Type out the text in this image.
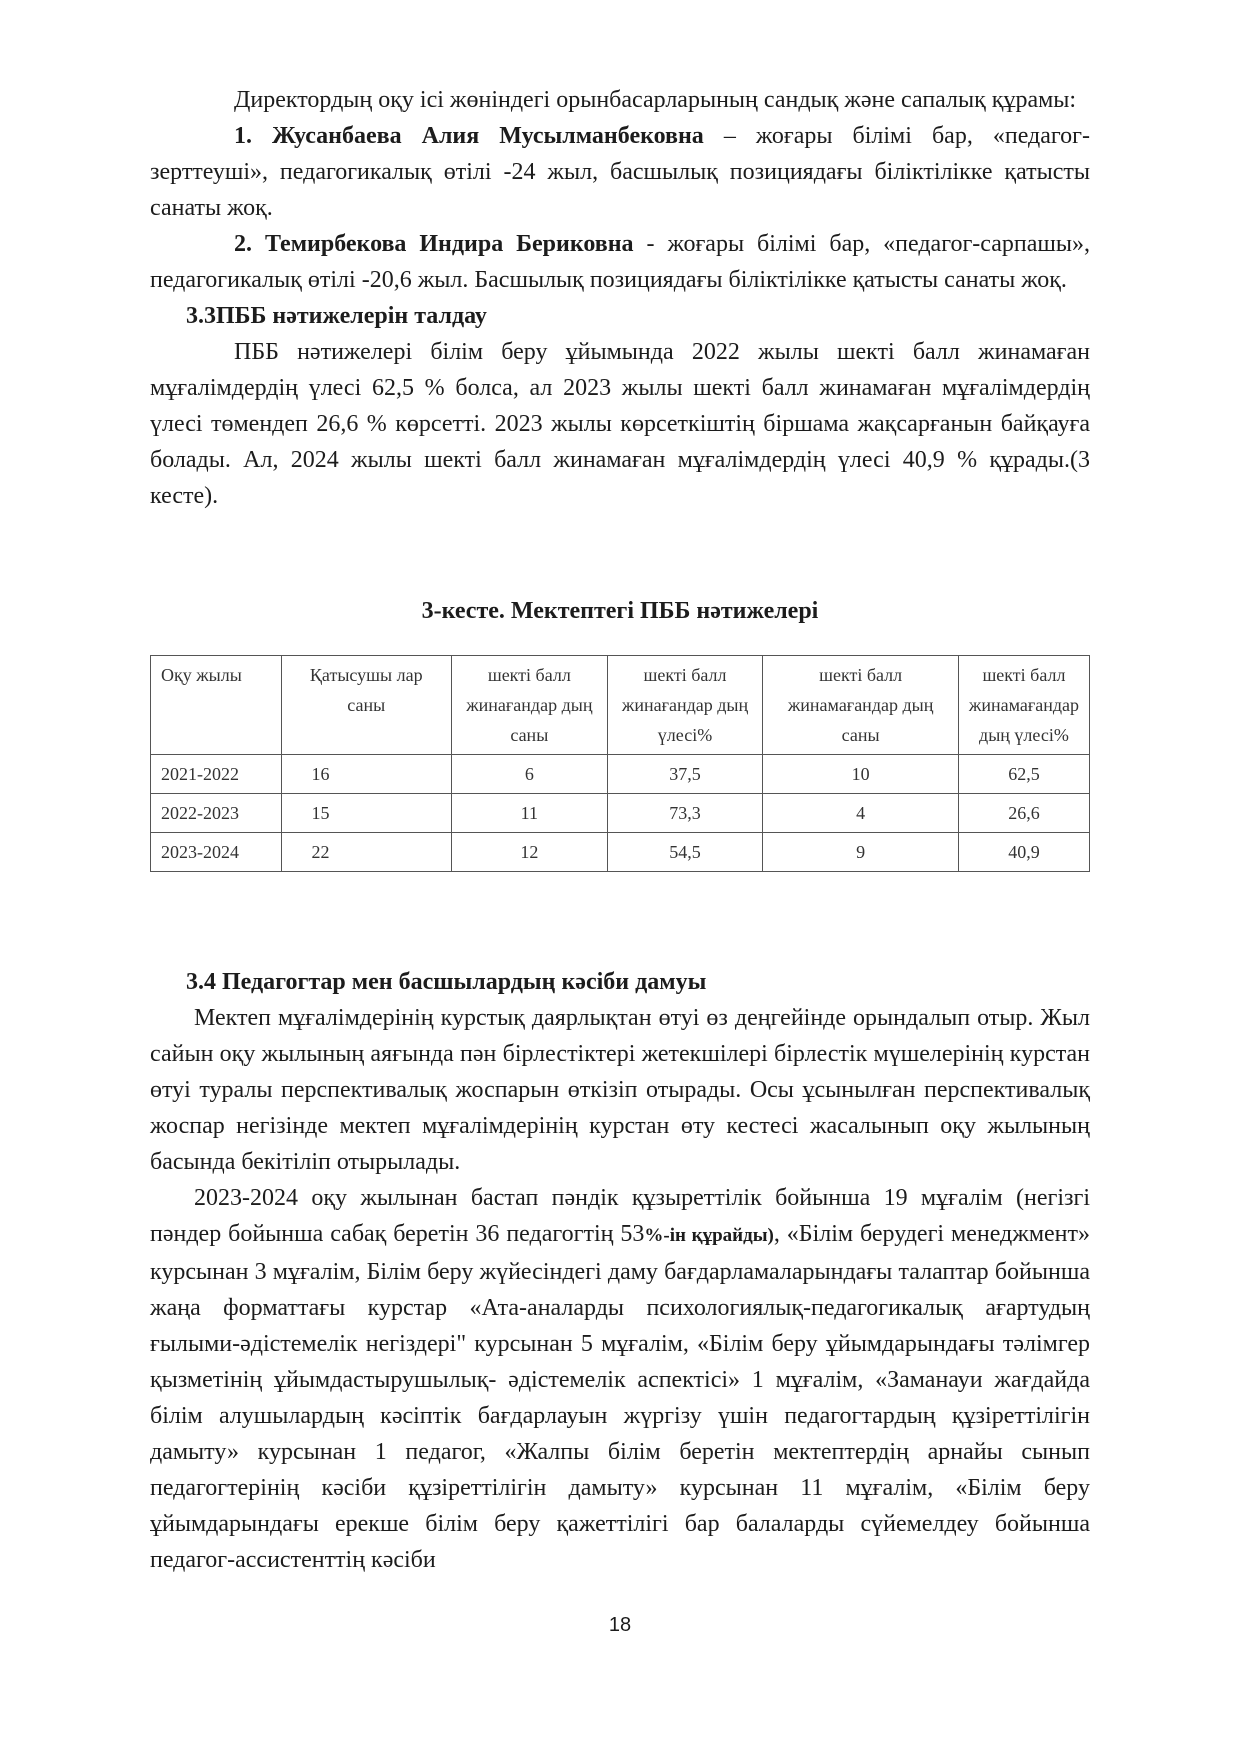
Директордың оқу ісі жөніндегі орынбасарларының сандық және сапалық құрамы:

1. Жусанбаева Алия Мусылманбековна – жоғары білімі бар, «педагог-зерттеуші», педагогикалық өтілі -24 жыл, басшылық позициядағы біліктілікке қатысты санаты жоқ.

2. Темирбекова Индира Бериковна - жоғары білімі бар, «педагог-сарпашы», педагогикалық өтілі -20,6 жыл. Басшылық позициядағы біліктілікке қатысты санаты жоқ.

3.3ПББ нәтижелерін талдау

ПББ нәтижелері білім беру ұйымында 2022 жылы шекті балл жинамаған мұғалімдердің үлесі 62,5 % болса, ал 2023 жылы шекті балл жинамаған мұғалімдердің үлесі төмендеп 26,6 % көрсетті. 2023 жылы көрсеткіштің біршама жақсарғанын байқауға болады. Ал, 2024 жылы шекті балл жинамаған мұғалімдердің үлесі 40,9 % құрады.(3 кесте).

3-кесте. Мектептегі ПББ нәтижелері
Оқу жылы	Қатысушы лар саны	шекті балл жинағандар дың саны	шекті балл жинағандар дың үлесі%	шекті балл жинамағандар дың саны	шекті балл жинамағандар дың үлесі%
2021-2022	16	6	37,5	10	62,5
2022-2023	15	11	73,3	4	26,6
2023-2024	22	12	54,5	9	40,9

3.4 Педагогтар мен басшылардың кәсіби дамуы

Мектеп мұғалімдерінің курстық даярлықтан өтуі өз деңгейінде орындалып отыр. Жыл сайын оқу жылының аяғында пән бірлестіктері жетекшілері бірлестік мүшелерінің курстан өтуі туралы перспективалық жоспарын өткізіп отырады. Осы ұсынылған перспективалық жоспар негізінде мектеп мұғалімдерінің курстан өту кестесі жасалынып оқу жылының басында бекітіліп отырылады.

2023-2024 оқу жылынан бастап пәндік құзыреттілік бойынша 19 мұғалім (негізгі пәндер бойынша сабақ беретін 36 педагогтің 53%-ін құрайды), «Білім берудегі менеджмент» курсынан 3 мұғалім, Білім беру жүйесіндегі даму бағдарламаларындағы талаптар бойынша жаңа форматтағы курстар «Ата-аналарды психологиялық-педагогикалық ағартудың ғылыми-әдістемелік негіздері" курсынан 5 мұғалім, «Білім беру ұйымдарындағы тәлімгер қызметінің ұйымдастырушылық- әдістемелік аспектісі» 1 мұғалім, «Заманауи жағдайда білім алушылардың кәсіптік бағдарлауын жүргізу үшін педагогтардың құзіреттілігін дамыту» курсынан 1 педагог, «Жалпы білім беретін мектептердің арнайы сынып педагогтерінің кәсіби құзіреттілігін дамыту» курсынан 11 мұғалім, «Білім беру ұйымдарындағы ерекше білім беру қажеттілігі бар балаларды сүйемелдеу бойынша педагог-ассистенттің кәсіби

18
